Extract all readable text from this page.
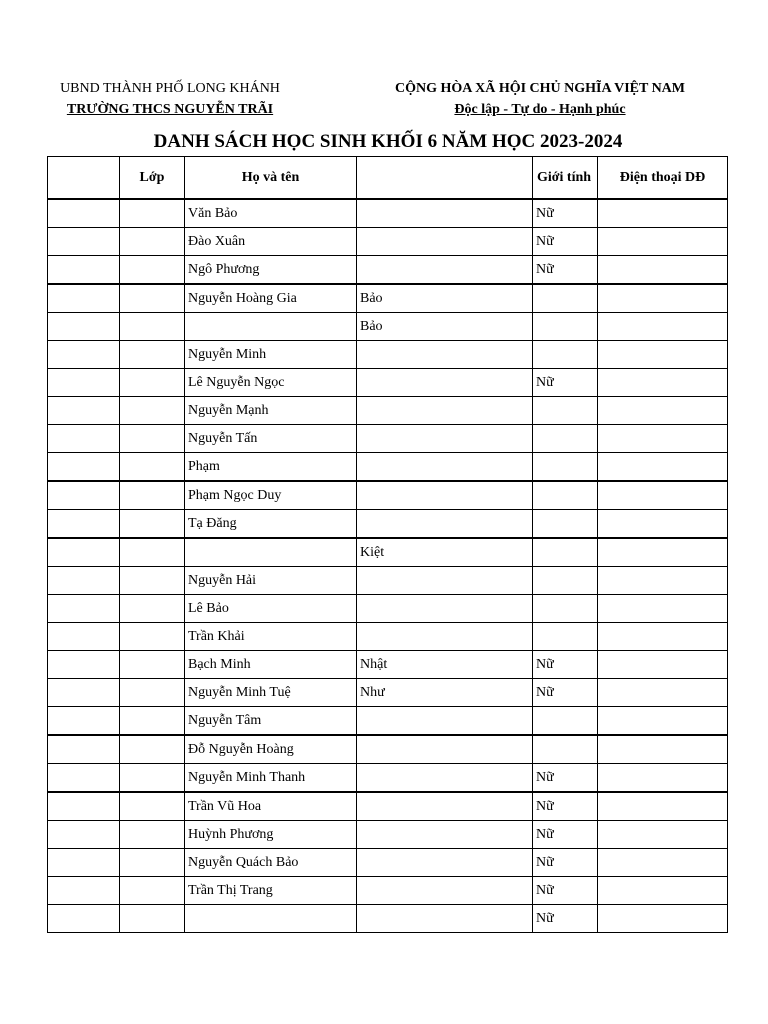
UBND THÀNH PHỐ LONG KHÁNH
TRƯỜNG THCS NGUYỄN TRÃI
CỘNG HÒA XÃ HỘI CHỦ NGHĨA VIỆT NAM
Độc lập - Tự do - Hạnh phúc
DANH SÁCH HỌC SINH KHỐI 6 NĂM HỌC 2023-2024
	Lớp	Họ và tên		Giới tính	Điện thoại DĐ
		Văn Bảo		Nữ	
		Đào Xuân		Nữ	
		Ngô Phương		Nữ	
		Nguyễn Hoàng Gia	Bảo		
			Bảo		
		Nguyễn Minh			
		Lê Nguyễn Ngọc		Nữ	
		Nguyễn Mạnh			
		Nguyễn Tấn			
		Phạm			
		Phạm Ngọc Duy			
		Tạ Đăng			
			Kiệt		
		Nguyễn Hải			
		Lê Bảo			
		Trần Khải			
		Bạch Minh	Nhật	Nữ	
		Nguyễn Minh Tuệ	Như	Nữ	
		Nguyễn Tâm			
		Đỗ Nguyễn Hoàng			
		Nguyễn Minh Thanh		Nữ	
		Trần Vũ Hoa		Nữ	
		Huỳnh Phương		Nữ	
		Nguyễn Quách Bảo		Nữ	
		Trần Thị Trang		Nữ	
				Nữ	
